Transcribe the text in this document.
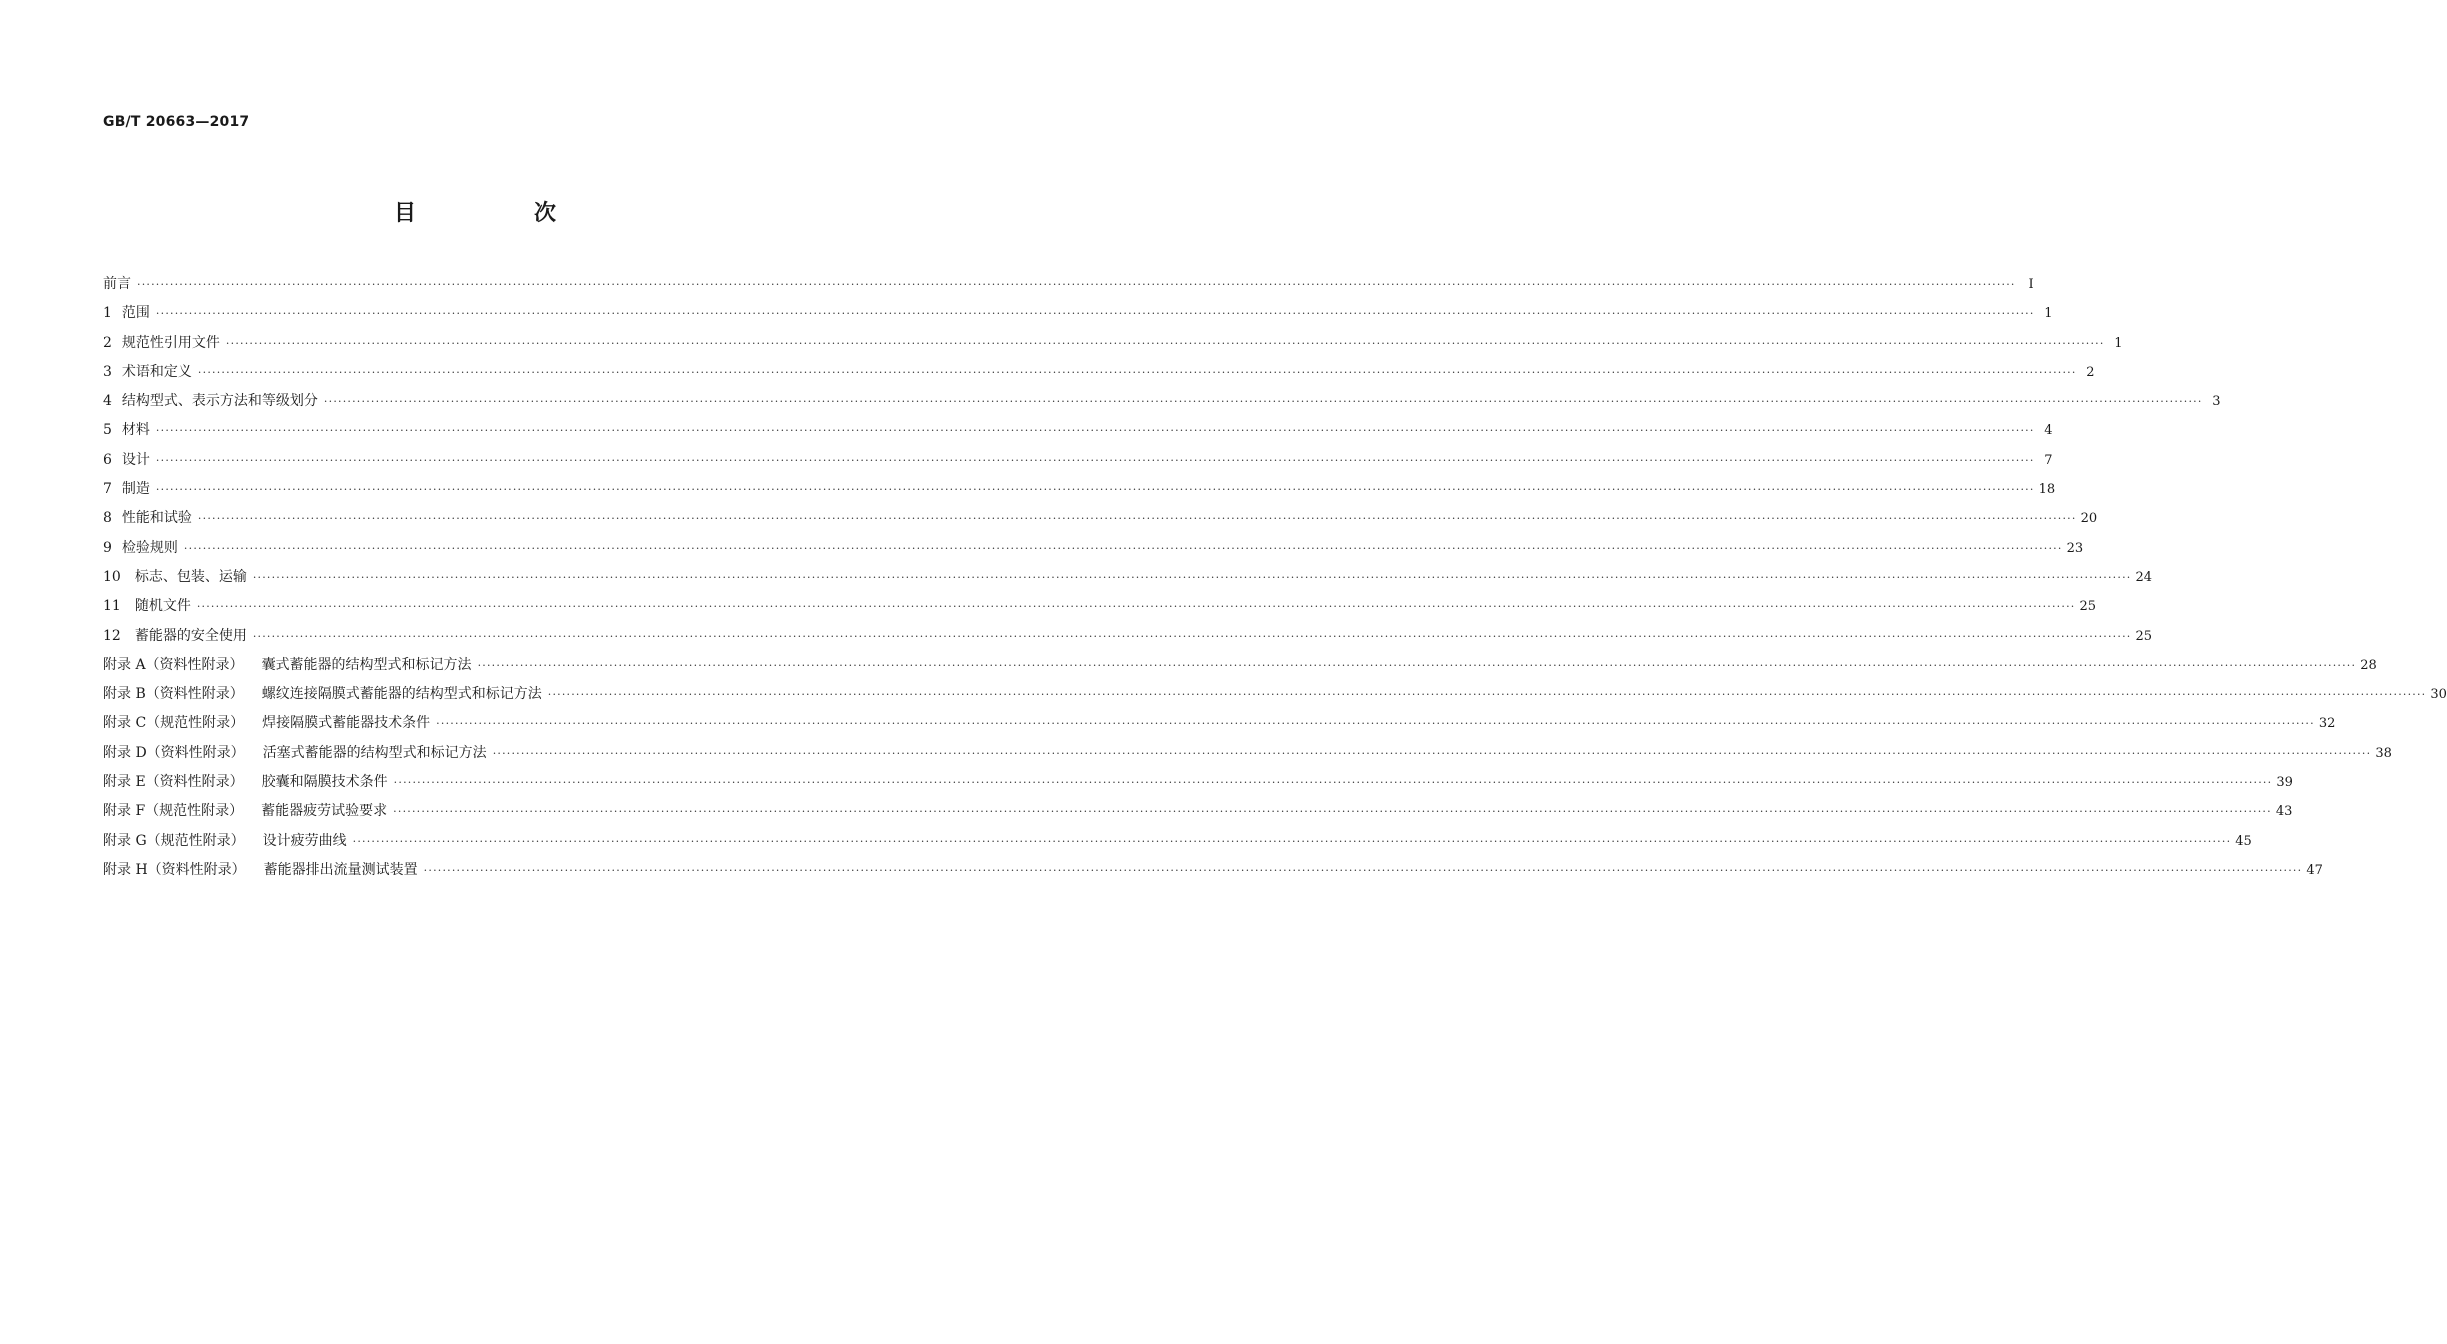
GB/T 20663—2017
目　次
前言 ················································································································································································································································································································································································································ Ⅰ
1 范围 ················································································································································································································································································································································································································ 1
2 规范性引用文件 ················································································································································································································································································································································································································ 1
3 术语和定义 ················································································································································································································································································································································································································ 2
4 结构型式、表示方法和等级划分 ················································································································································································································································································································································································································ 3
5 材料 ················································································································································································································································································································································································································ 4
6 设计 ················································································································································································································································································································································································································ 7
7 制造 ················································································································································································································································································································································································································ 18
8 性能和试验 ················································································································································································································································································································································································································ 20
9 检验规则 ················································································································································································································································································································································································································ 23
10 标志、包装、运输 ················································································································································································································································································································································································································ 24
11 随机文件 ················································································································································································································································································································································································································ 25
12 蓄能器的安全使用 ················································································································································································································································································································································································································ 25
附录 A（资料性附录） 囊式蓄能器的结构型式和标记方法 ················································································································································································································································································································································································································ 28
附录 B（资料性附录） 螺纹连接隔膜式蓄能器的结构型式和标记方法 ················································································································································································································································································································································································································ 30
附录 C（规范性附录） 焊接隔膜式蓄能器技术条件 ················································································································································································································································································································································································································ 32
附录 D（资料性附录） 活塞式蓄能器的结构型式和标记方法 ················································································································································································································································································································································································································ 38
附录 E（资料性附录） 胶囊和隔膜技术条件 ················································································································································································································································································································································································································ 39
附录 F（规范性附录） 蓄能器疲劳试验要求 ················································································································································································································································································································································································································ 43
附录 G（规范性附录） 设计疲劳曲线 ················································································································································································································································································································································································································ 45
附录 H（资料性附录） 蓄能器排出流量测试装置 ················································································································································································································································································································································································································ 47
